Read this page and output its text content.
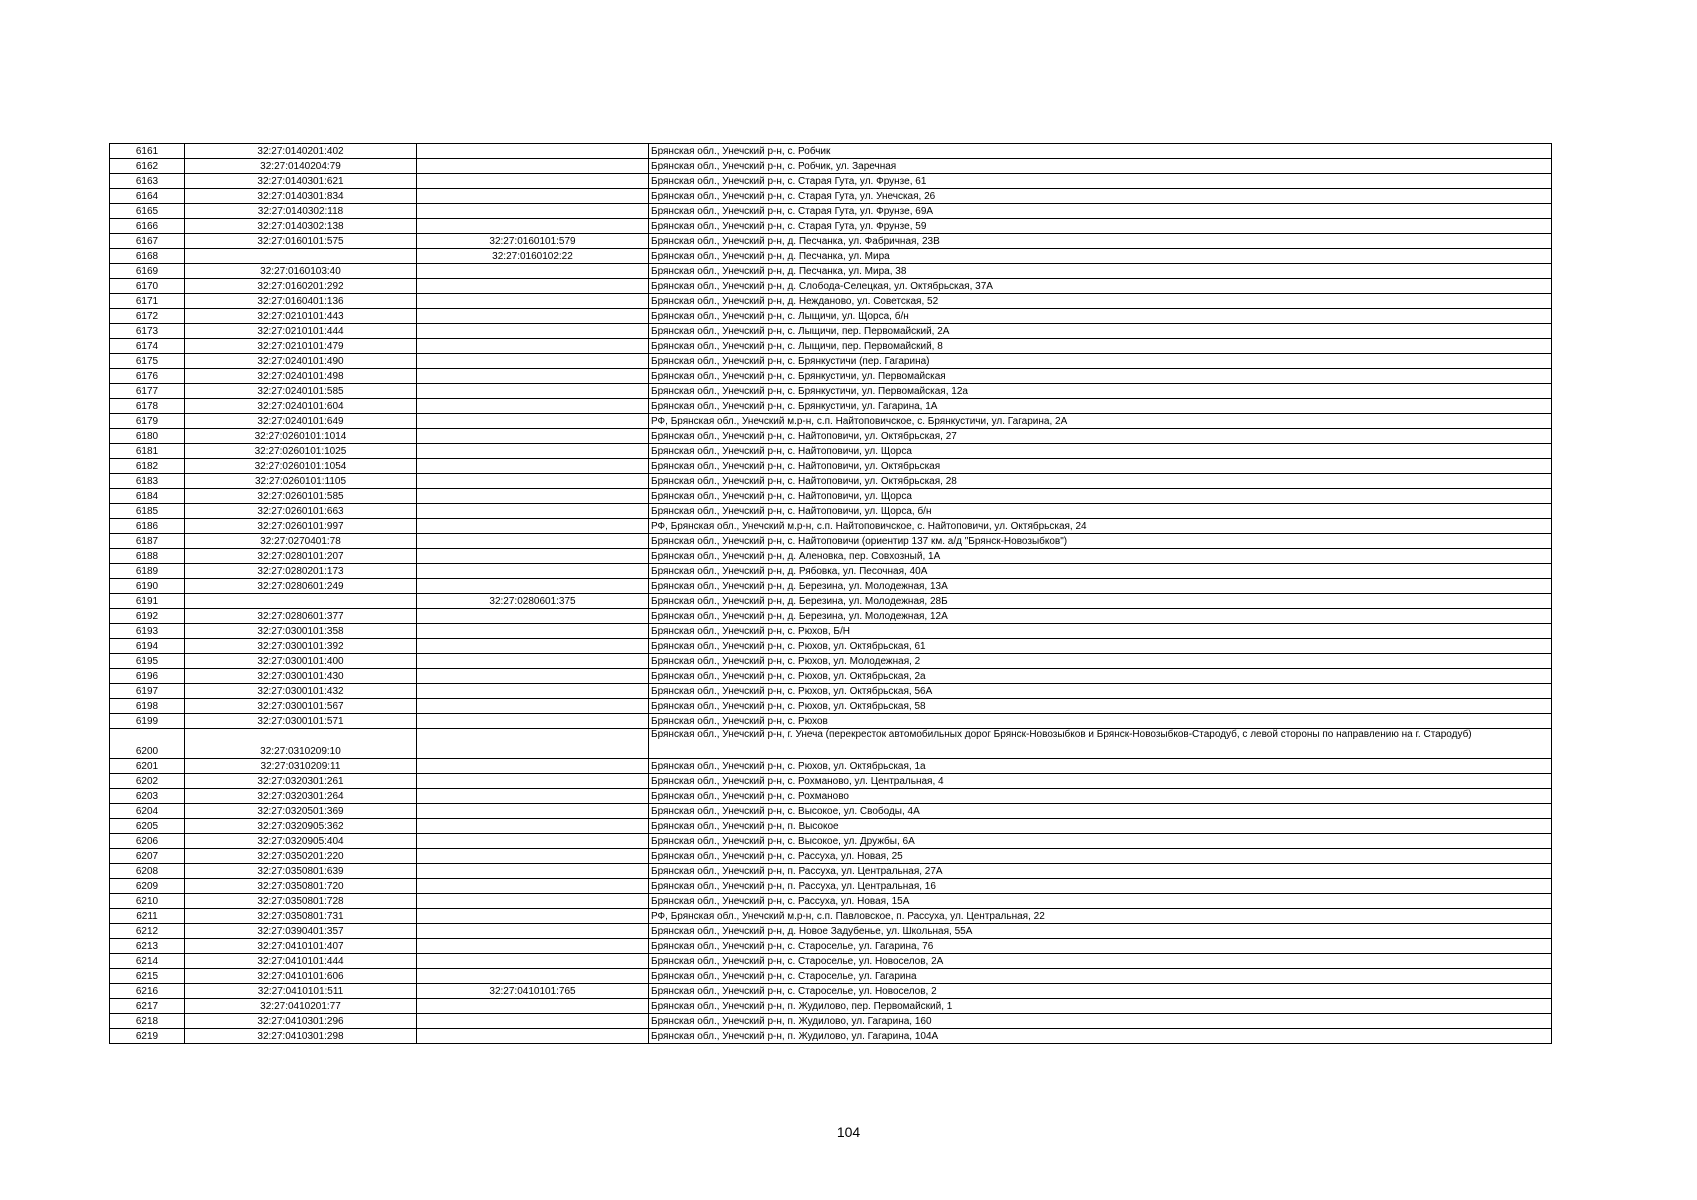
6161	32:27:0140201:402		Брянская обл., Унечский р-н, с. Робчик
6162	32:27:0140204:79		Брянская обл., Унечский р-н, с. Робчик, ул. Заречная
6163	32:27:0140301:621		Брянская обл., Унечский р-н, с. Старая Гута, ул. Фрунзе, 61
6164	32:27:0140301:834		Брянская обл., Унечский р-н, с. Старая Гута, ул. Унечская, 26
6165	32:27:0140302:118		Брянская обл., Унечский р-н, с. Старая Гута, ул. Фрунзе, 69А
6166	32:27:0140302:138		Брянская обл., Унечский р-н, с. Старая Гута, ул. Фрунзе, 59
6167	32:27:0160101:575	32:27:0160101:579	Брянская обл., Унечский р-н, д. Песчанка, ул. Фабричная, 23В
6168		32:27:0160102:22	Брянская обл., Унечский р-н, д. Песчанка, ул. Мира
6169	32:27:0160103:40		Брянская обл., Унечский р-н, д. Песчанка, ул. Мира, 38
6170	32:27:0160201:292		Брянская обл., Унечский р-н, д. Слобода-Селецкая, ул. Октябрьская, 37А
6171	32:27:0160401:136		Брянская обл., Унечский р-н, д. Нежданово, ул. Советская, 52
6172	32:27:0210101:443		Брянская обл., Унечский р-н, с. Лыщичи, ул. Щорса, б/н
6173	32:27:0210101:444		Брянская обл., Унечский р-н, с. Лыщичи, пер. Первомайский, 2А
6174	32:27:0210101:479		Брянская обл., Унечский р-н, с. Лыщичи, пер. Первомайский, 8
6175	32:27:0240101:490		Брянская обл., Унечский р-н, с. Брянкустичи (пер. Гагарина)
6176	32:27:0240101:498		Брянская обл., Унечский р-н, с. Брянкустичи, ул. Первомайская
6177	32:27:0240101:585		Брянская обл., Унечский р-н, с. Брянкустичи, ул. Первомайская, 12а
6178	32:27:0240101:604		Брянская обл., Унечский р-н, с. Брянкустичи, ул. Гагарина, 1А
6179	32:27:0240101:649		РФ, Брянская обл., Унечский м.р-н, с.п. Найтоповичское, с. Брянкустичи, ул. Гагарина, 2А
6180	32:27:0260101:1014		Брянская обл., Унечский р-н, с. Найтоповичи, ул. Октябрьская, 27
6181	32:27:0260101:1025		Брянская обл., Унечский р-н, с. Найтоповичи, ул. Щорса
6182	32:27:0260101:1054		Брянская обл., Унечский р-н, с. Найтоповичи, ул. Октябрьская
6183	32:27:0260101:1105		Брянская обл., Унечский р-н, с. Найтоповичи, ул. Октябрьская, 28
6184	32:27:0260101:585		Брянская обл., Унечский р-н, с. Найтоповичи, ул. Щорса
6185	32:27:0260101:663		Брянская обл., Унечский р-н, с. Найтоповичи, ул. Щорса, б/н
6186	32:27:0260101:997		РФ, Брянская обл., Унечский м.р-н, с.п. Найтоповичское, с. Найтоповичи, ул. Октябрьская, 24
6187	32:27:0270401:78		Брянская обл., Унечский р-н, с. Найтоповичи (ориентир 137 км. а/д "Брянск-Новозыбков")
6188	32:27:0280101:207		Брянская обл., Унечский р-н, д. Аленовка, пер. Совхозный, 1А
6189	32:27:0280201:173		Брянская обл., Унечский р-н, д. Рябовка, ул. Песочная, 40А
6190	32:27:0280601:249		Брянская обл., Унечский р-н, д. Березина, ул. Молодежная, 13А
6191		32:27:0280601:375	Брянская обл., Унечский р-н, д. Березина, ул. Молодежная, 28Б
6192	32:27:0280601:377		Брянская обл., Унечский р-н, д. Березина, ул. Молодежная, 12А
6193	32:27:0300101:358		Брянская обл., Унечский р-н, с. Рюхов, Б/Н
6194	32:27:0300101:392		Брянская обл., Унечский р-н, с. Рюхов, ул. Октябрьская, 61
6195	32:27:0300101:400		Брянская обл., Унечский р-н, с. Рюхов, ул. Молодежная, 2
6196	32:27:0300101:430		Брянская обл., Унечский р-н, с. Рюхов, ул. Октябрьская, 2а
6197	32:27:0300101:432		Брянская обл., Унечский р-н, с. Рюхов, ул. Октябрьская, 56А
6198	32:27:0300101:567		Брянская обл., Унечский р-н, с. Рюхов, ул. Октябрьская, 58
6199	32:27:0300101:571		Брянская обл., Унечский р-н, с. Рюхов
6200	32:27:0310209:10		Брянская обл., Унечский р-н, г. Унеча (перекресток автомобильных дорог Брянск-Новозыбков и Брянск-Новозыбков-Стародуб, с левой стороны по направлению на г. Стародуб)
6201	32:27:0310209:11		Брянская обл., Унечский р-н, с. Рюхов, ул. Октябрьская, 1а
6202	32:27:0320301:261		Брянская обл., Унечский р-н, с. Рохманово, ул. Центральная, 4
6203	32:27:0320301:264		Брянская обл., Унечский р-н, с. Рохманово
6204	32:27:0320501:369		Брянская обл., Унечский р-н, с. Высокое, ул. Свободы, 4А
6205	32:27:0320905:362		Брянская обл., Унечский р-н, п. Высокое
6206	32:27:0320905:404		Брянская обл., Унечский р-н, с. Высокое, ул. Дружбы, 6А
6207	32:27:0350201:220		Брянская обл., Унечский р-н, с. Рассуха, ул. Новая, 25
6208	32:27:0350801:639		Брянская обл., Унечский р-н, п. Рассуха, ул. Центральная, 27А
6209	32:27:0350801:720		Брянская обл., Унечский р-н, п. Рассуха, ул. Центральная, 16
6210	32:27:0350801:728		Брянская обл., Унечский р-н, с. Рассуха, ул. Новая, 15А
6211	32:27:0350801:731		РФ, Брянская обл., Унечский м.р-н, с.п. Павловское, п. Рассуха, ул. Центральная, 22
6212	32:27:0390401:357		Брянская обл., Унечский р-н, д. Новое Задубенье, ул. Школьная, 55А
6213	32:27:0410101:407		Брянская обл., Унечский р-н, с. Староселье, ул. Гагарина, 76
6214	32:27:0410101:444		Брянская обл., Унечский р-н, с. Староселье, ул. Новоселов, 2А
6215	32:27:0410101:606		Брянская обл., Унечский р-н, с. Староселье, ул. Гагарина
6216	32:27:0410101:511	32:27:0410101:765	Брянская обл., Унечский р-н, с. Староселье, ул. Новоселов, 2
6217	32:27:0410201:77		Брянская обл., Унечский р-н, п. Жудилово, пер. Первомайский, 1
6218	32:27:0410301:296		Брянская обл., Унечский р-н, п. Жудилово, ул. Гагарина, 160
6219	32:27:0410301:298		Брянская обл., Унечский р-н, п. Жудилово, ул. Гагарина, 104А
104
